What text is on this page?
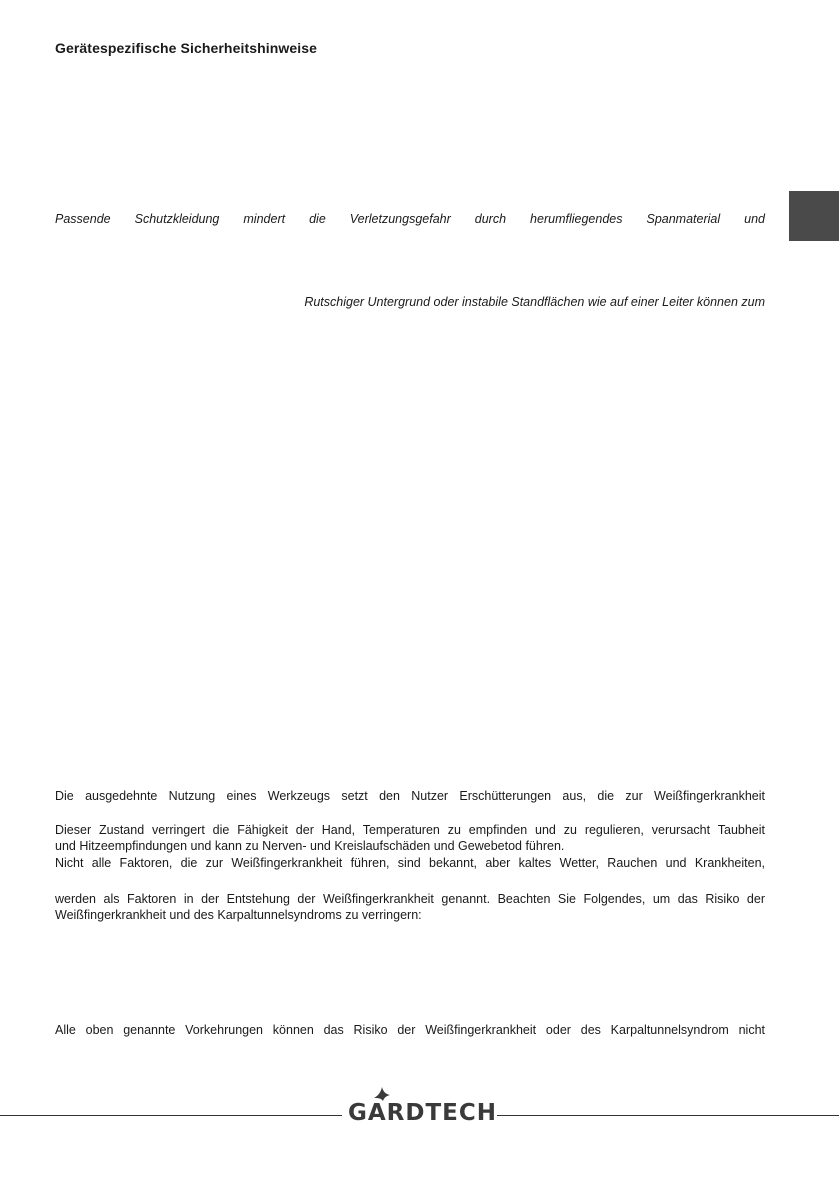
Gerätespezifische Sicherheitshinweise
Passende Schutzkleidung mindert die Verletzungsgefahr durch herumfliegendes Spanmaterial und
Rutschiger Untergrund oder instabile Standflächen wie auf einer Leiter können zum
Die ausgedehnte Nutzung eines Werkzeugs setzt den Nutzer Erschütterungen aus, die zur Weißfingerkrankheit
Dieser Zustand verringert die Fähigkeit der Hand, Temperaturen zu empfinden und zu regulieren, verursacht Taubheit
und Hitzeempfindungen und kann zu Nerven- und Kreislaufschäden und Gewebetod führen.
Nicht alle Faktoren, die zur Weißfingerkrankheit führen, sind bekannt, aber kaltes Wetter, Rauchen und Krankheiten,
werden als Faktoren in der Entstehung der Weißfingerkrankheit genannt. Beachten Sie Folgendes, um das Risiko der
Weißfingerkrankheit und des Karpaltunnelsyndroms zu verringern:
Alle oben genannte Vorkehrungen können das Risiko der Weißfingerkrankheit oder des Karpaltunnelsyndrom nicht
GARDTECH
